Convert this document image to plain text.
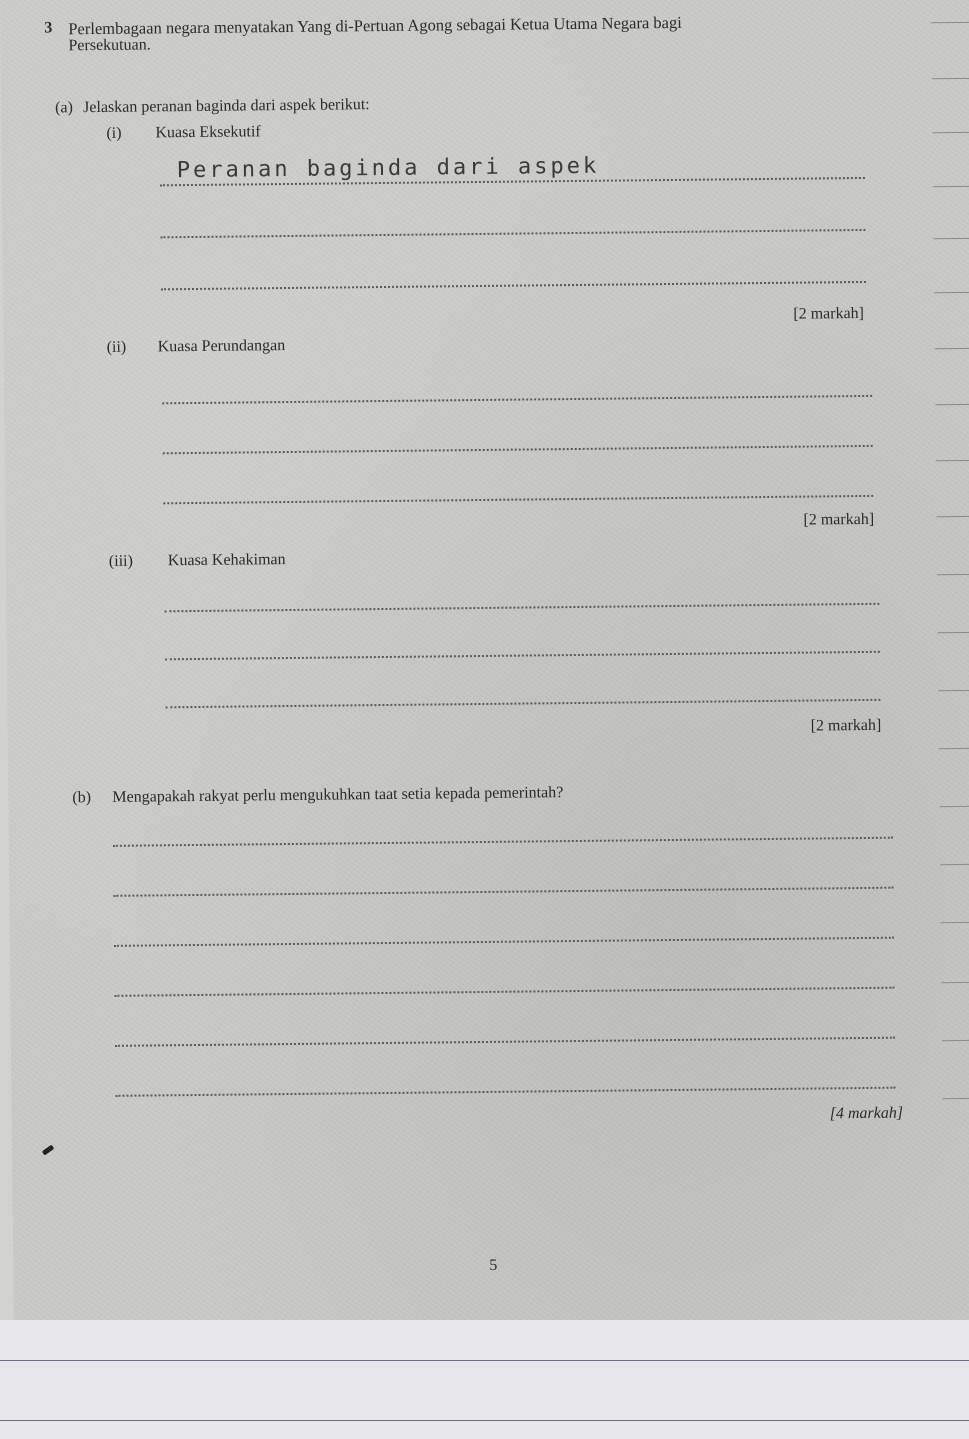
3 Perlembagaan negara menyatakan Yang di-Pertuan Agong sebagai Ketua Utama Negara bagi
Persekutuan.
(a) Jelaskan peranan baginda dari aspek berikut:
(i) Kuasa Eksekutif
Peranan baginda dari aspek
[2 markah]
(ii) Kuasa Perundangan
[2 markah]
(iii) Kuasa Kehakiman
[2 markah]
(b) Mengapakah rakyat perlu mengukuhkan taat setia kepada pemerintah?
[4 markah]
5
